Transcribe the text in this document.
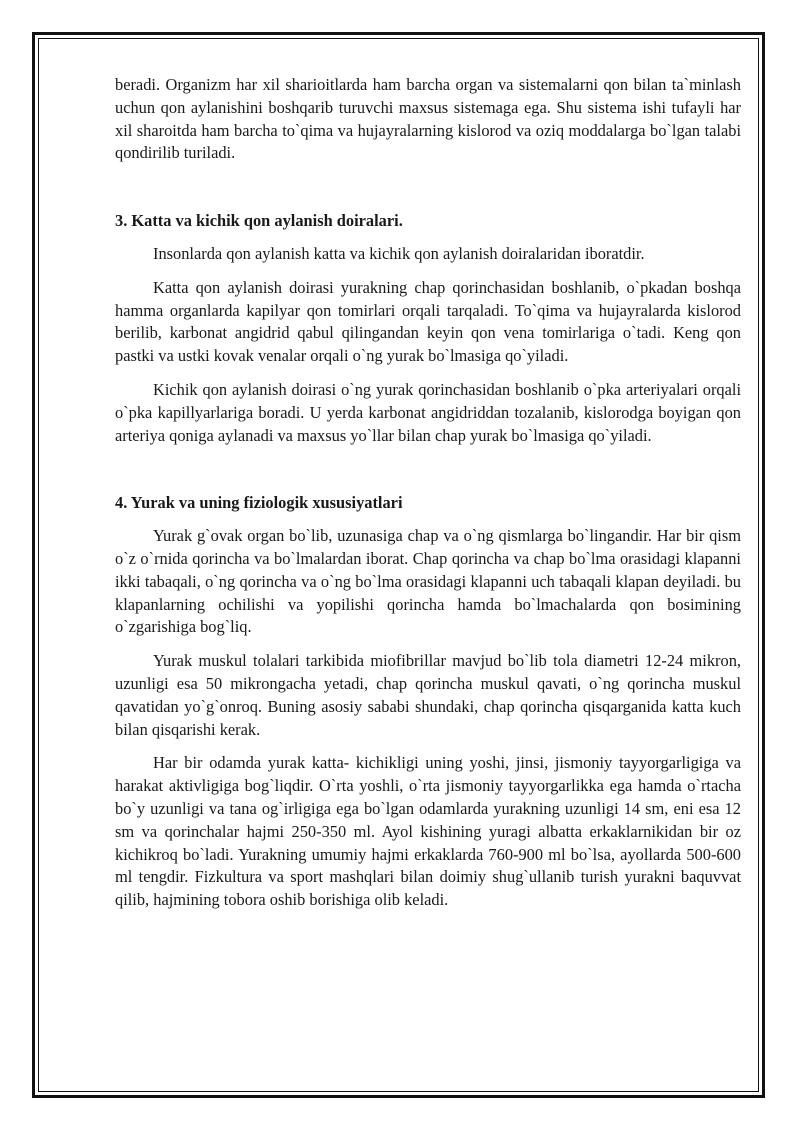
beradi. Organizm har xil sharioitlarda ham barcha organ va sistemalarni qon bilan ta`minlash uchun qon aylanishini boshqarib turuvchi maxsus sistemaga ega. Shu sistema ishi tufayli har xil sharoitda ham barcha to`qima va hujayralarning kislorod va oziq moddalarga bo`lgan talabi qondirilib turiladi.

3. Katta va kichik qon aylanish doiralari.

Insonlarda qon aylanish katta va kichik qon aylanish doiralaridan iboratdir.

Katta qon aylanish doirasi yurakning chap qorinchasidan boshlanib, o`pkadan boshqa hamma organlarda kapilyar qon tomirlari orqali tarqaladi. To`qima va hujayralarda kislorod berilib, karbonat angidrid qabul qilingandan keyin qon vena tomirlariga o`tadi. Keng qon pastki va ustki kovak venalar orqali o`ng yurak bo`lmasiga qo`yiladi.

Kichik qon aylanish doirasi o`ng yurak qorinchasidan boshlanib o`pka arteriyalari orqali o`pka kapillyarlariga boradi. U yerda karbonat angidriddan tozalanib, kislorodga boyigan qon arteriya qoniga aylanadi va maxsus yo`llar bilan chap yurak bo`lmasiga qo`yiladi.

4. Yurak va uning fiziologik xususiyatlari

Yurak g`ovak organ bo`lib, uzunasiga chap va o`ng qismlarga bo`lingandir. Har bir qism o`z o`rnida qorincha va bo`lmalardan iborat. Chap qorincha va chap bo`lma orasidagi klapanni ikki tabaqali, o`ng qorincha va o`ng bo`lma orasidagi klapanni uch tabaqali klapan deyiladi. bu klapanlarning ochilishi va yopilishi qorincha hamda bo`lmachalarda qon bosimining o`zgarishiga bog`liq.

Yurak muskul tolalari tarkibida miofibrillar mavjud bo`lib tola diametri 12-24 mikron, uzunligi esa 50 mikrongacha yetadi, chap qorincha muskul qavati, o`ng qorincha muskul qavatidan yo`g`onroq. Buning asosiy sababi shundaki, chap qorincha qisqarganida katta kuch bilan qisqarishi kerak.

Har bir odamda yurak katta- kichikligi uning yoshi, jinsi, jismoniy tayyorgarligiga va harakat aktivligiga bog`liqdir. O`rta yoshli, o`rta jismoniy tayyorgarlikka ega hamda o`rtacha bo`y uzunligi va tana og`irligiga ega bo`lgan odamlarda yurakning uzunligi 14 sm, eni esa 12 sm va qorinchalar hajmi 250-350 ml. Ayol kishining yuragi albatta erkaklarnikidan bir oz kichikroq bo`ladi. Yurakning umumiy hajmi erkaklarda 760-900 ml bo`lsa, ayollarda 500-600 ml tengdir. Fizkultura va sport mashqlari bilan doimiy shug`ullanib turish yurakni baquvvat qilib, hajmining tobora oshib borishiga olib keladi.
